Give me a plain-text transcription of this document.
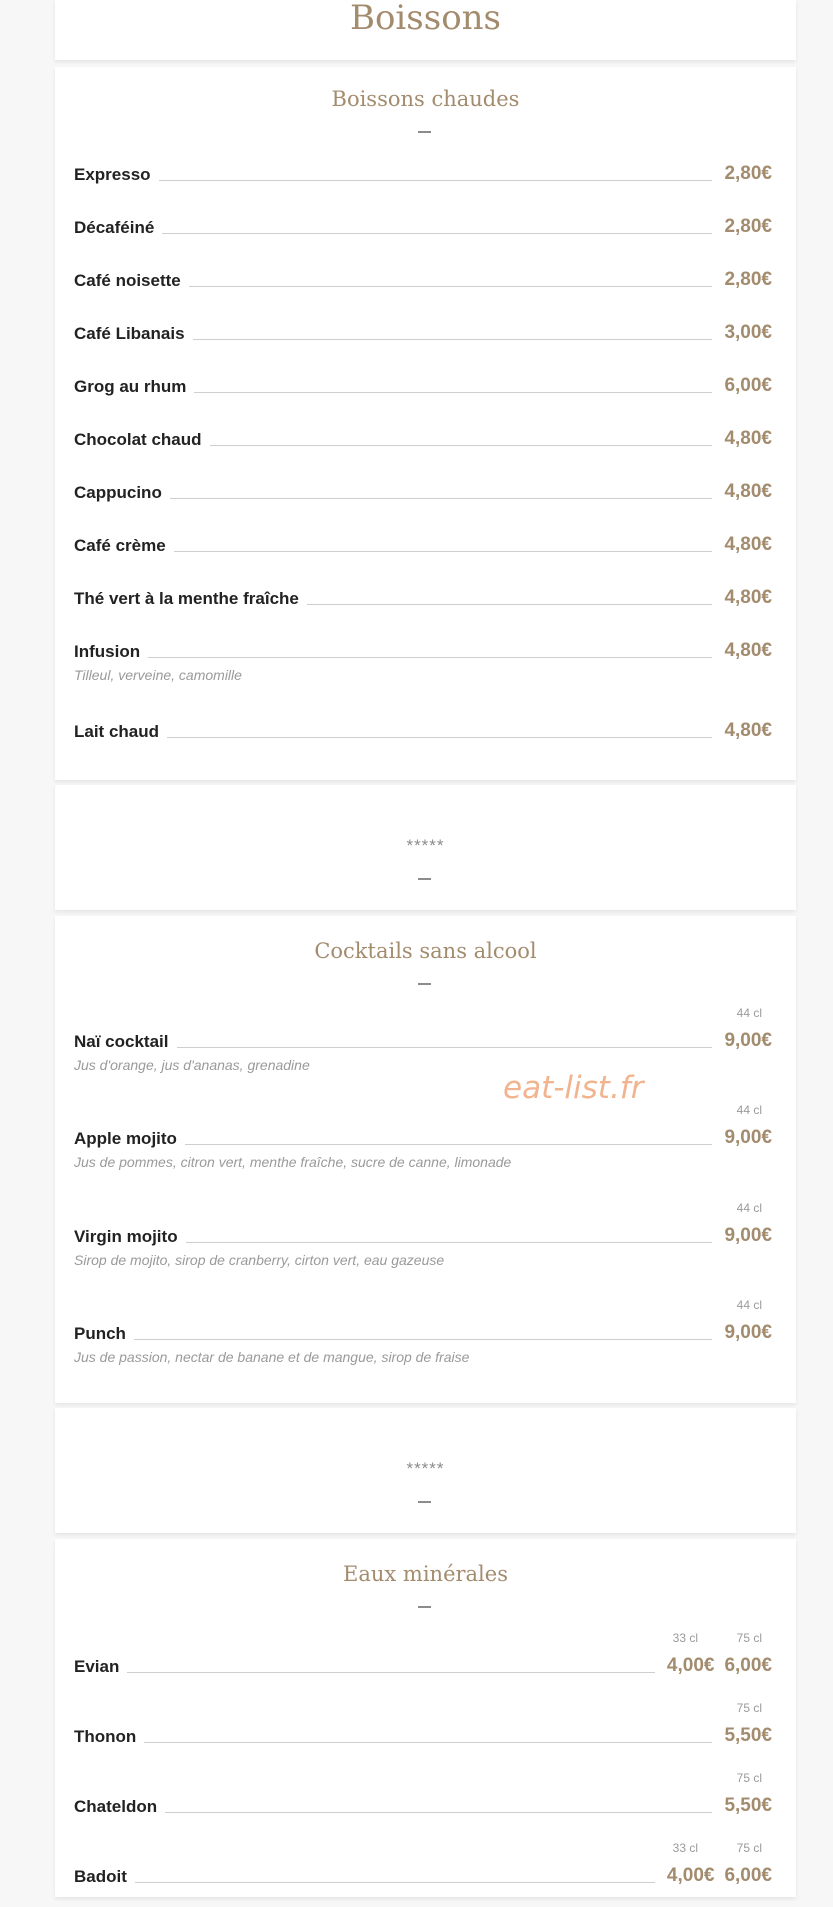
Boissons
Boissons chaudes
Expresso	2,80€
Décaféiné	2,80€
Café noisette	2,80€
Café Libanais	3,00€
Grog au rhum	6,00€
Chocolat chaud	4,80€
Cappucino	4,80€
Café crème	4,80€
Thé vert à la menthe fraîche	4,80€
Infusion	4,80€
Tilleul, verveine, camomille
Lait chaud	4,80€
*****
Cocktails sans alcool
44 cl
Naï cocktail	9,00€
Jus d'orange, jus d'ananas, grenadine
44 cl
Apple mojito	9,00€
Jus de pommes, citron vert, menthe fraîche, sucre de canne, limonade
44 cl
Virgin mojito	9,00€
Sirop de mojito, sirop de cranberry, cirton vert, eau gazeuse
44 cl
Punch	9,00€
Jus de passion, nectar de banane et de mangue, sirop de fraise
eat-list.fr
*****
Eaux minérales
33 cl	75 cl
Evian	4,00€ 6,00€
75 cl
Thonon	5,50€
75 cl
Chateldon	5,50€
33 cl	75 cl
Badoit	4,00€ 6,00€
